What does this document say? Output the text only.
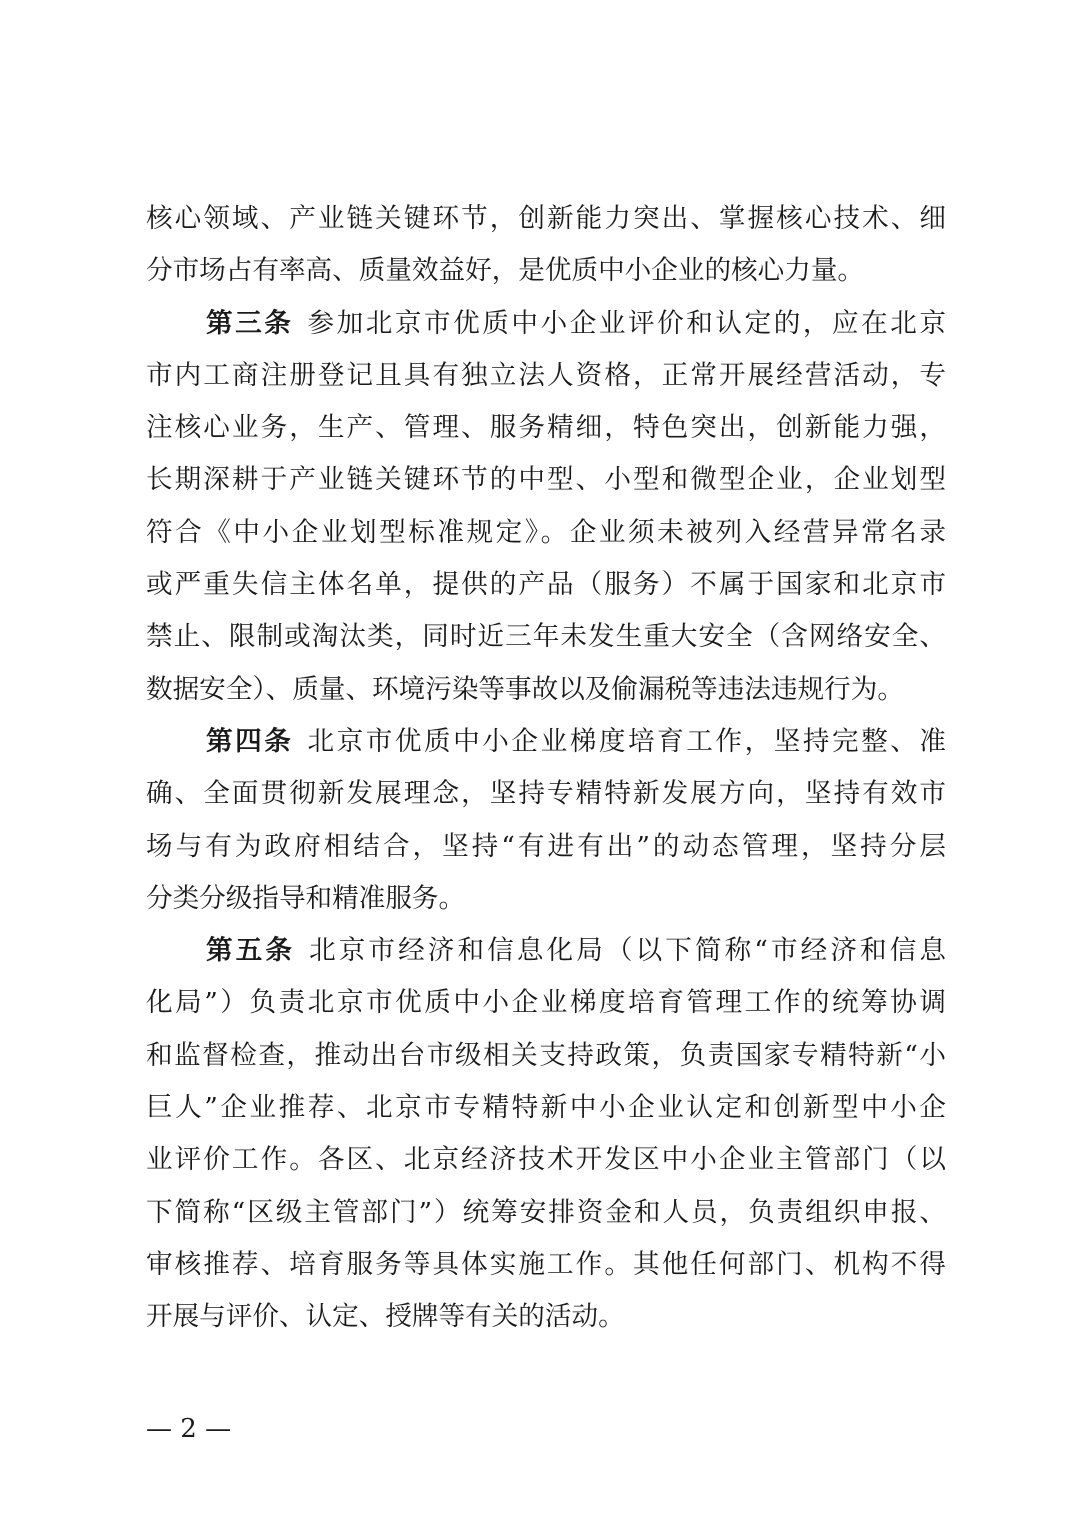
核心领域、产业链关键环节，创新能力突出、掌握核心技术、细
分市场占有率高、质量效益好，是优质中小企业的核心力量。
第三条 参加北京市优质中小企业评价和认定的，应在北京
市内工商注册登记且具有独立法人资格，正常开展经营活动，专
注核心业务，生产、管理、服务精细，特色突出，创新能力强，
长期深耕于产业链关键环节的中型、小型和微型企业，企业划型
符合《中小企业划型标准规定》。企业须未被列入经营异常名录
或严重失信主体名单，提供的产品（服务）不属于国家和北京市
禁止、限制或淘汰类，同时近三年未发生重大安全（含网络安全、
数据安全）、质量、环境污染等事故以及偷漏税等违法违规行为。
第四条 北京市优质中小企业梯度培育工作，坚持完整、准
确、全面贯彻新发展理念，坚持专精特新发展方向，坚持有效市
场与有为政府相结合，坚持“有进有出”的动态管理，坚持分层
分类分级指导和精准服务。
第五条 北京市经济和信息化局（以下简称“市经济和信息
化局”）负责北京市优质中小企业梯度培育管理工作的统筹协调
和监督检查，推动出台市级相关支持政策，负责国家专精特新“小
巨人”企业推荐、北京市专精特新中小企业认定和创新型中小企
业评价工作。各区、北京经济技术开发区中小企业主管部门（以
下简称“区级主管部门”）统筹安排资金和人员，负责组织申报、
审核推荐、培育服务等具体实施工作。其他任何部门、机构不得
开展与评价、认定、授牌等有关的活动。
— 2 —
